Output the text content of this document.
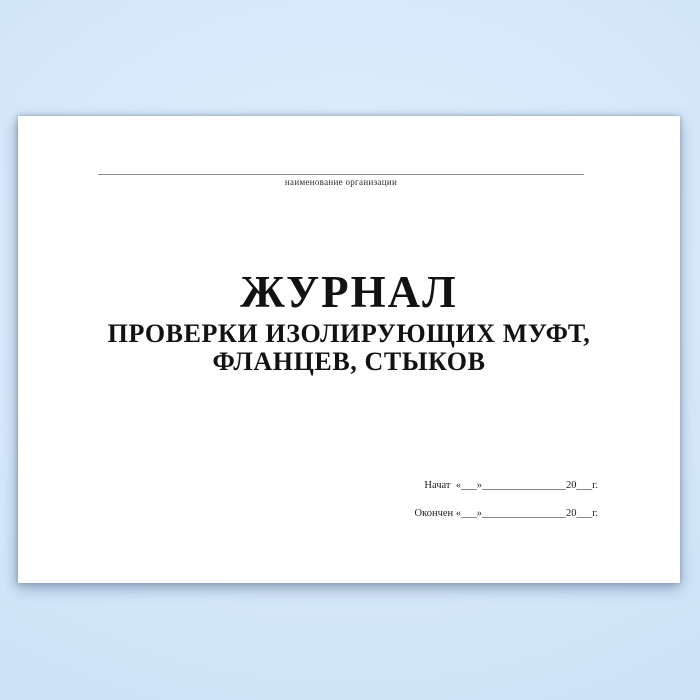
наименование организации
ЖУРНАЛ
ПРОВЕРКИ ИЗОЛИРУЮЩИХ МУФТ,
ФЛАНЦЕВ, СТЫКОВ
Начат  «___»________________20___г.
Окончен «___»________________20___г.
